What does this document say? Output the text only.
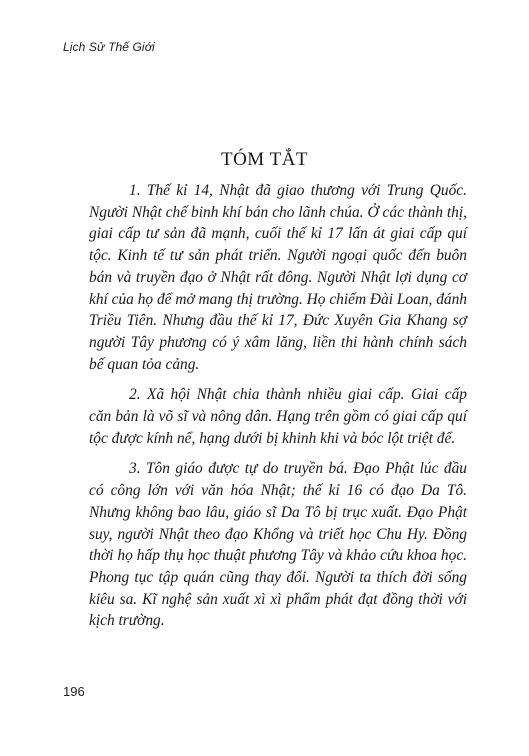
Lịch Sử Thế Giới
TÓM TẮT

1. Thế kỉ 14, Nhật đã giao thương với Trung Quốc. Người Nhật chế binh khí bán cho lãnh chúa. Ở các thành thị, giai cấp tư sản đã mạnh, cuối thế kỉ 17 lấn át giai cấp quí tộc. Kinh tế tư sản phát triển. Người ngoại quốc đến buôn bán và truyền đạo ở Nhật rất đông. Người Nhật lợi dụng cơ khí của họ để mở mang thị trường. Họ chiếm Đài Loan, đánh Triều Tiên. Nhưng đầu thế kỉ 17, Đức Xuyên Gia Khang sợ người Tây phương có ý xâm lăng, liền thi hành chính sách bế quan tỏa cảng.

2. Xã hội Nhật chia thành nhiều giai cấp. Giai cấp căn bản là võ sĩ và nông dân. Hạng trên gồm có giai cấp quí tộc được kính nể, hạng dưới bị khinh khi và bóc lột triệt để.

3. Tôn giáo được tự do truyền bá. Đạo Phật lúc đầu có công lớn với văn hóa Nhật; thế kỉ 16 có đạo Da Tô. Nhưng không bao lâu, giáo sĩ Da Tô bị trục xuất. Đạo Phật suy, người Nhật theo đạo Khổng và triết học Chu Hy. Đồng thời họ hấp thụ học thuật phương Tây và khảo cứu khoa học. Phong tục tập quán cũng thay đổi. Người ta thích đời sống kiêu sa. Kĩ nghệ sản xuất xì xì phẩm phát đạt đồng thời với kịch trường.

196
